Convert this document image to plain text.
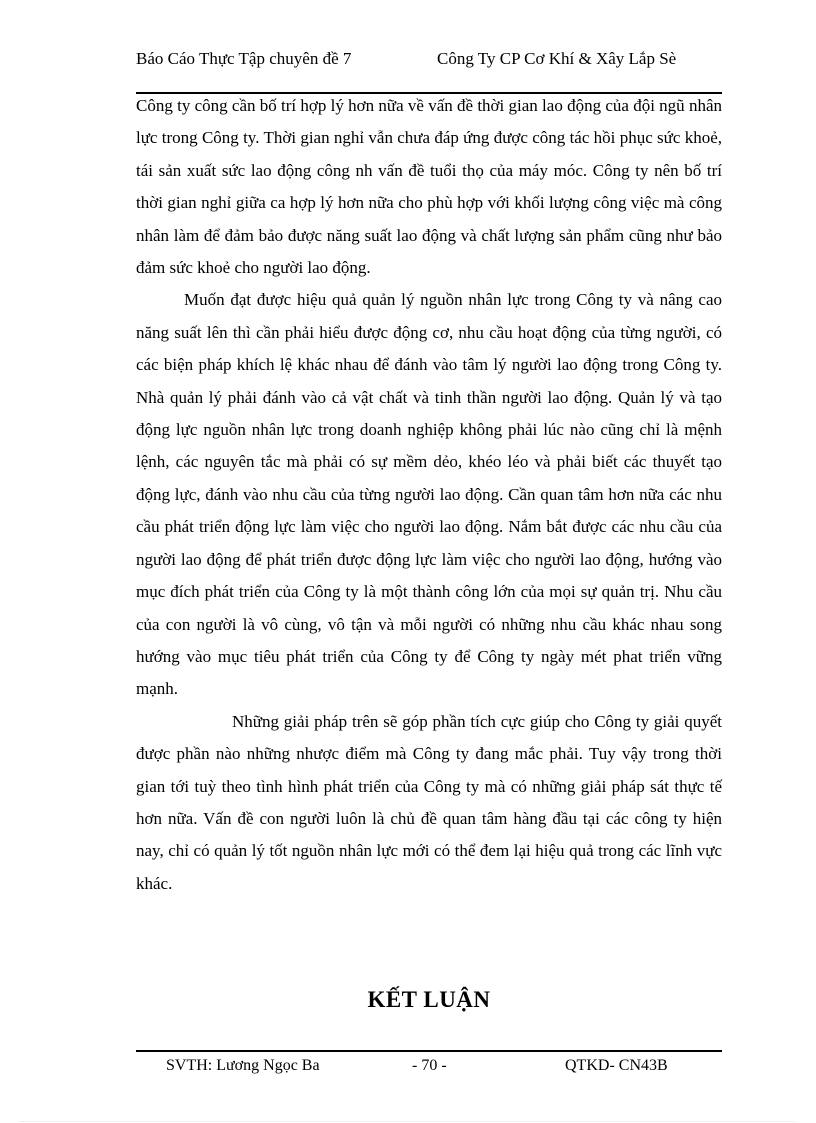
Báo Cáo Thực Tập chuyên đề 7	Công Ty CP Cơ Khí & Xây Lắp Sè

Công ty công cần bố trí hợp lý hơn nữa về vấn đề thời gian lao động của đội ngũ nhân lực trong Công ty. Thời gian nghỉ vẫn chưa đáp ứng được công tác hồi phục sức khoẻ, tái sản xuất sức lao động công nh vấn đề tuổi thọ của máy móc. Công ty nên bố trí thời gian nghỉ giữa ca hợp lý hơn nữa cho phù hợp với khối lượng công việc mà công nhân làm để đảm bảo được năng suất lao động và chất lượng sản phẩm cũng như bảo đảm sức khoẻ cho người lao động.

Muốn đạt được hiệu quả quản lý nguồn nhân lực trong Công ty và nâng cao năng suất lên thì cần phải hiểu được động cơ, nhu cầu hoạt động của từng người, có các biện pháp khích lệ khác nhau để đánh vào tâm lý người lao động trong Công ty. Nhà quản lý phải đánh vào cả vật chất và tinh thần người lao động. Quản lý và tạo động lực nguồn nhân lực trong doanh nghiệp không phải lúc nào cũng chỉ là mệnh lệnh, các nguyên tắc mà phải có sự mềm dẻo, khéo léo và phải biết các thuyết tạo động lực, đánh vào nhu cầu của từng người lao động. Cần quan tâm hơn nữa các nhu cầu phát triển động lực làm việc cho người lao động. Nắm bắt được các nhu cầu của người lao động để phát triển được động lực làm việc cho người lao động, hướng vào mục đích phát triển của Công ty là một thành công lớn của mọi sự quản trị. Nhu cầu của con người là vô cùng, vô tận và mỗi người có những nhu cầu khác nhau song hướng vào mục tiêu phát triển của Công ty để Công ty ngày mét phat triển vững mạnh.

Những giải pháp trên sẽ góp phần tích cực giúp cho Công ty giải quyết được phần nào những nhược điểm mà Công ty đang mắc phải. Tuy vậy trong thời gian tới tuỳ theo tình hình phát triển của Công ty mà có những giải pháp sát thực tế hơn nữa. Vấn đề con người luôn là chủ đề quan tâm hàng đầu tại các công ty hiện nay, chỉ có quản lý tốt nguồn nhân lực mới có thể đem lại hiệu quả trong các lĩnh vực khác.

KẾT LUẬN
SVTH: Lương Ngọc Ba	- 70 -	QTKD- CN43B
